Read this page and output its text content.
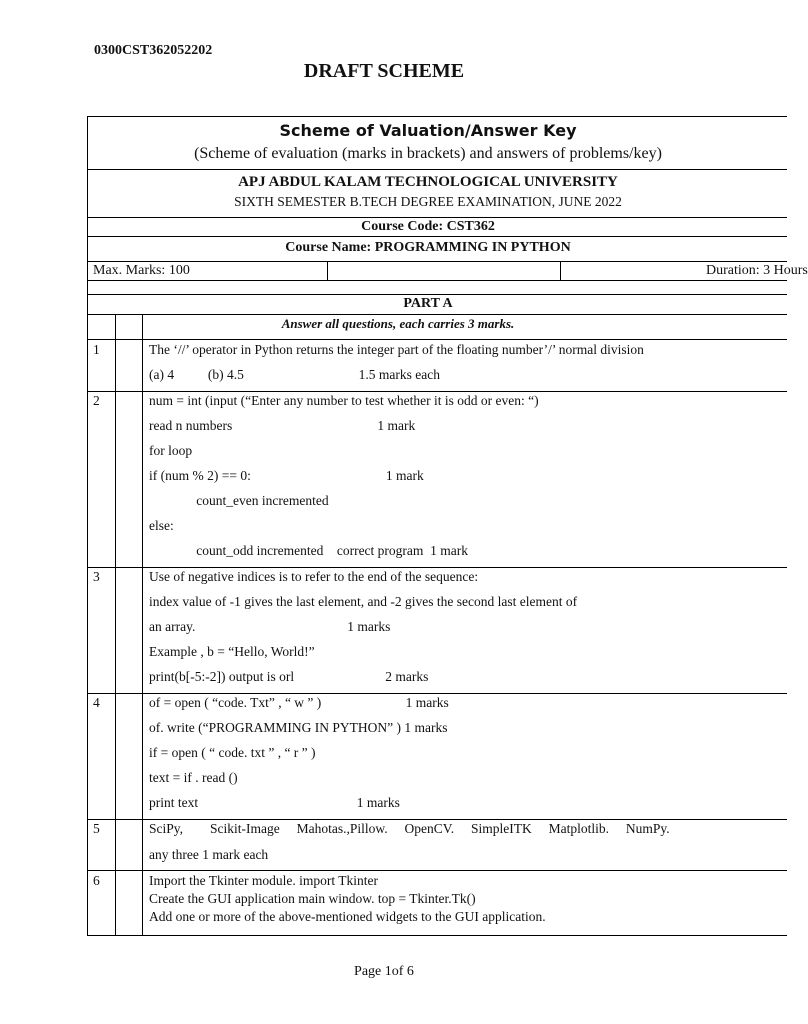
0300CST362052202
DRAFT SCHEME
Scheme of Valuation/Answer Key
(Scheme of evaluation (marks in brackets) and answers of problems/key)
APJ ABDUL KALAM TECHNOLOGICAL UNIVERSITY
SIXTH SEMESTER B.TECH DEGREE EXAMINATION, JUNE 2022
Course Code: CST362
Course Name: PROGRAMMING IN PYTHON
Max. Marks: 100	Duration: 3 Hours
PART A
Answer all questions, each carries 3 marks.
1	The ‘//’ operator in Python returns the integer part of the floating number’/’ normal division
(a) 4          (b) 4.5                                  1.5 marks each
2	num = int (input (“Enter any number to test whether it is odd or even: “)
read n numbers                                           1 mark
for loop
if (num % 2) == 0:                                        1 mark
count_even incremented
else:
count_odd incremented    correct program  1 mark
3	Use of negative indices is to refer to the end of the sequence:
index value of -1 gives the last element, and -2 gives the second last element of
an array.                                             1 marks
Example , b = “Hello, World!”
print(b[-5:-2]) output is orl                           2 marks
4	of = open ( “code. Txt” , “ w ” )                         1 marks
of. write (“PROGRAMMING IN PYTHON” ) 1 marks
if = open ( “ code. txt ” , “ r ” )
text = if . read ()
print text                                               1 marks
5	SciPy,        Scikit-Image     Mahotas.,Pillow.     OpenCV.     SimpleITK     Matplotlib.     NumPy.
any three 1 mark each
6	Import the Tkinter module. import Tkinter
Create the GUI application main window. top = Tkinter.Tk()
Add one or more of the above-mentioned widgets to the GUI application.
Page 1of 6
